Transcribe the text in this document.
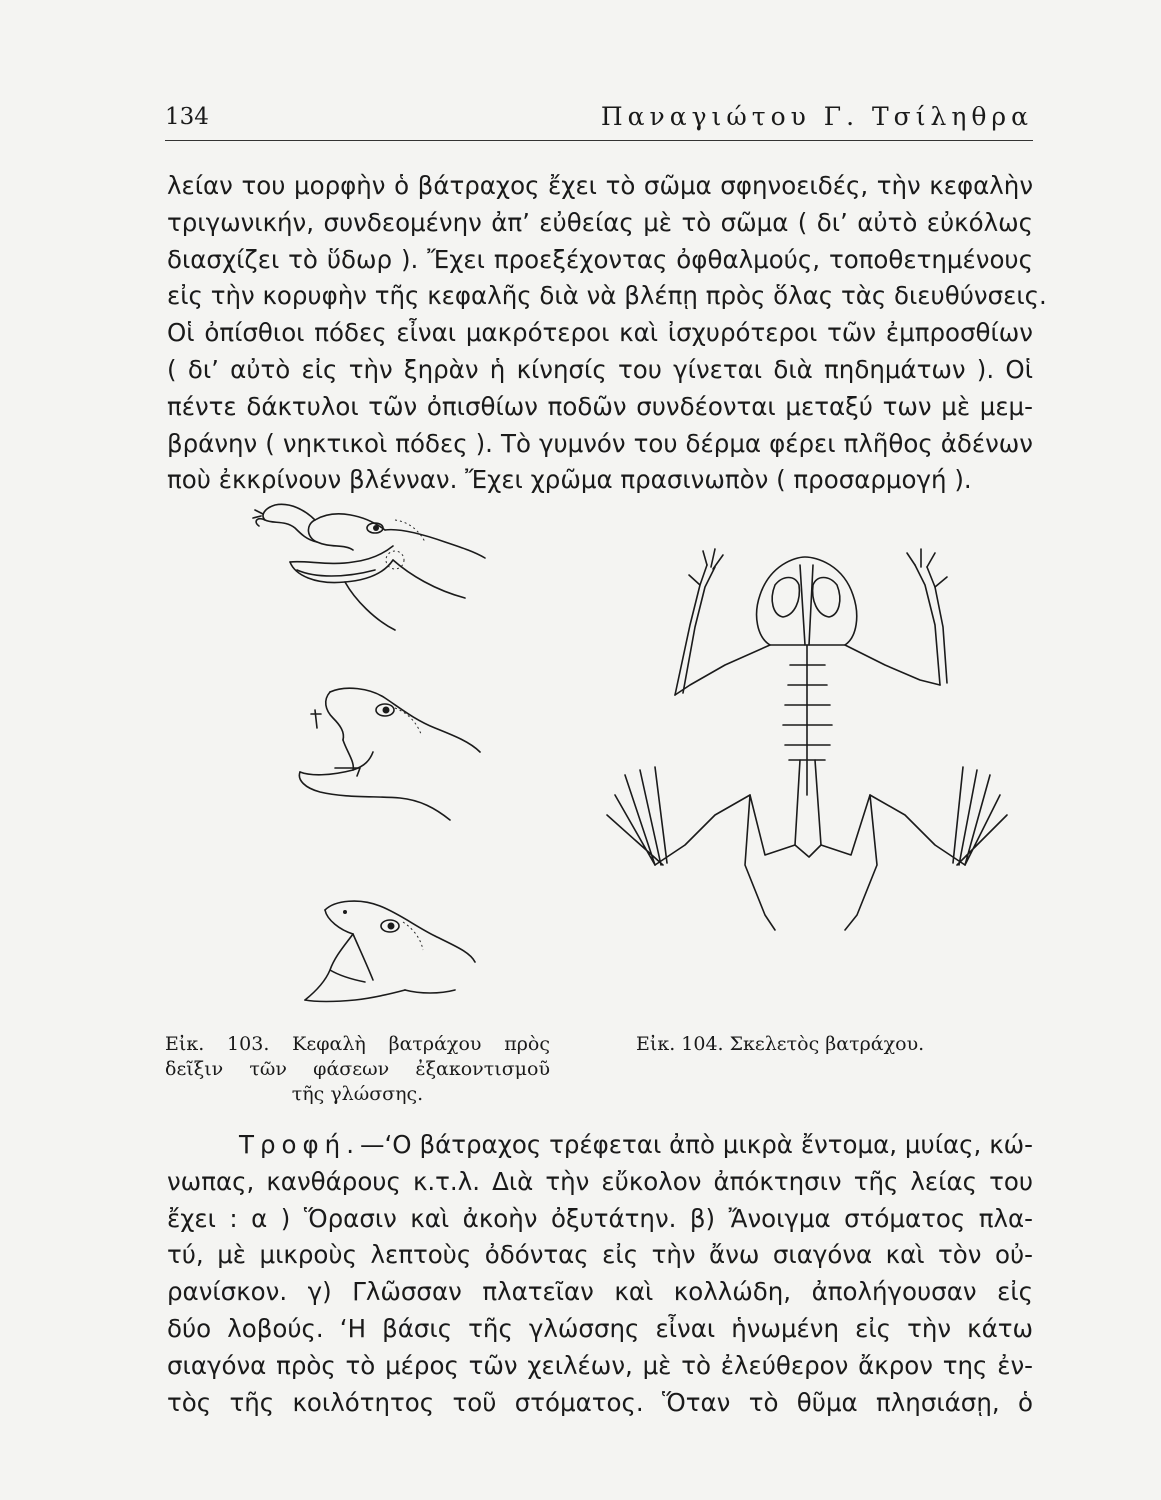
134	Παναγιώτου Γ. Τσίληθρα
λείαν του μορφὴν ὁ βάτραχος ἔχει τὸ σῶμα σφηνοειδές, τὴν κεφαλὴν
τριγωνικήν, συνδεομένην ἀπ’ εὐθείας μὲ τὸ σῶμα ( δι’ αὐτὸ εὐκόλως
διασχίζει τὸ ὕδωρ ). Ἔχει προεξέχοντας ὀφθαλμούς, τοποθετημένους
εἰς τὴν κορυφὴν τῆς κεφαλῆς διὰ νὰ βλέπῃ πρὸς ὅλας τὰς διευθύνσεις.
Οἱ ὀπίσθιοι πόδες εἶναι μακρότεροι καὶ ἰσχυρότεροι τῶν ἐμπροσθίων
( δι’ αὐτὸ εἰς τὴν ξηρὰν ἡ κίνησίς του γίνεται διὰ πηδημάτων ). Οἱ
πέντε δάκτυλοι τῶν ὀπισθίων ποδῶν συνδέονται μεταξύ των μὲ μεμ-
βράνην ( νηκτικοὶ πόδες ). Τὸ γυμνόν του δέρμα φέρει πλῆθος ἀδένων
ποὺ ἐκκρίνουν βλένναν. Ἔχει χρῶμα πρασινωπὸν ( προσαρμογή ).
Εἰκ. 103. Κεφαλὴ βατράχου πρὸς
δεῖξιν τῶν φάσεων ἐξακοντισμοῦ
τῆς γλώσσης.
Εἰκ. 104. Σκελετὸς βατράχου.
Τροφή.—‘Ο βάτραχος τρέφεται ἀπὸ μικρὰ ἔντομα, μυίας, κώ-
νωπας, κανθάρους κ.τ.λ. Διὰ τὴν εὔκολον ἀπόκτησιν τῆς λείας του
ἔχει : α ) Ὅρασιν καὶ ἀκοὴν ὀξυτάτην. β) Ἄνοιγμα στόματος πλα-
τύ, μὲ μικροὺς λεπτοὺς ὀδόντας εἰς τὴν ἄνω σιαγόνα καὶ τὸν οὐ-
ρανίσκον. γ) Γλῶσσαν πλατεῖαν καὶ κολλώδη, ἀπολήγουσαν εἰς
δύο λοβούς. ‘Η βάσις τῆς γλώσσης εἶναι ἡνωμένη εἰς τὴν κάτω
σιαγόνα πρὸς τὸ μέρος τῶν χειλέων, μὲ τὸ ἐλεύθερον ἄκρον της ἐν-
τὸς τῆς κοιλότητος τοῦ στόματος. Ὅταν τὸ θῦμα πλησιάσῃ, ὁ
